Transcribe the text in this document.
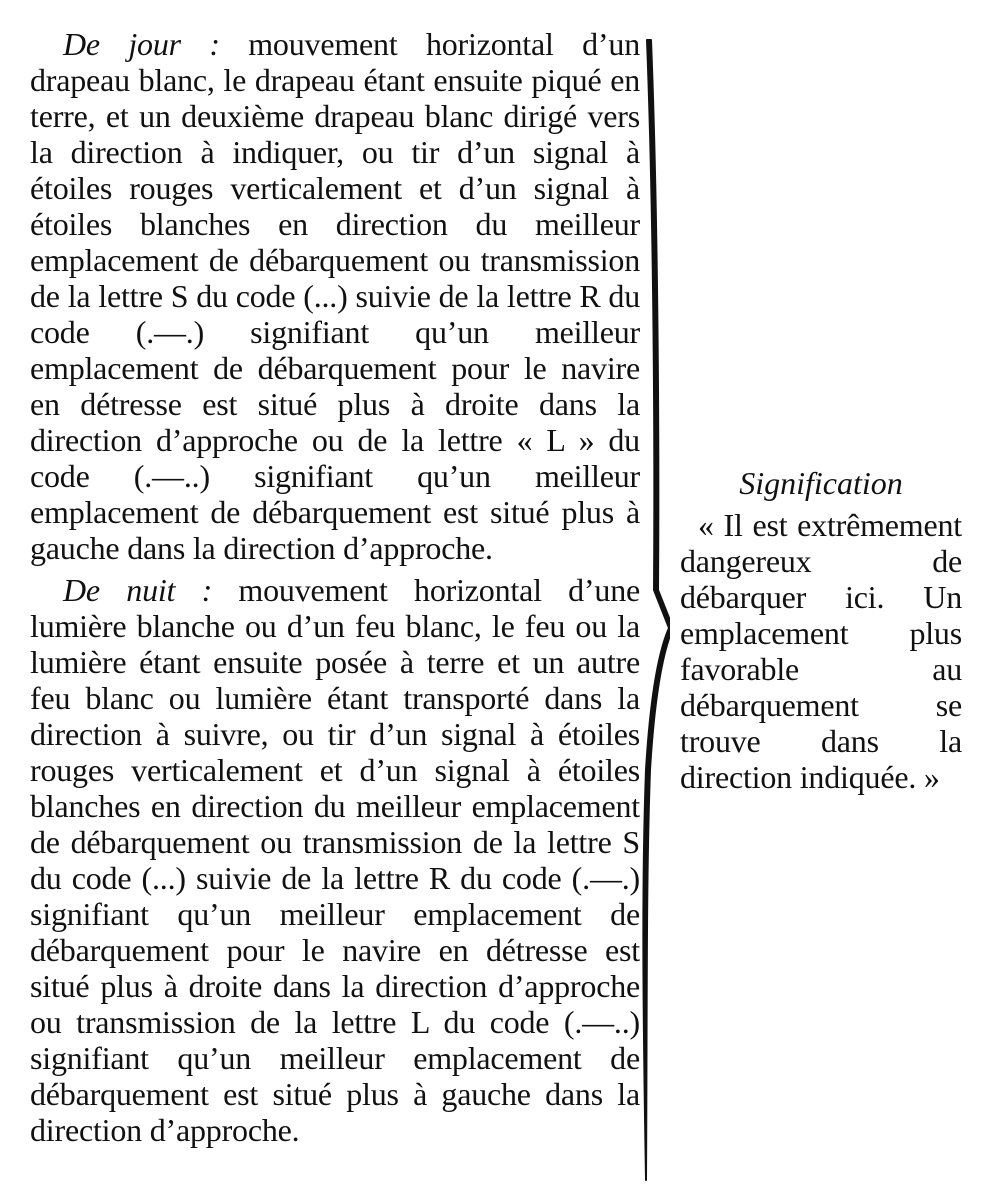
De jour : mouvement horizontal d’un drapeau blanc, le drapeau étant ensuite piqué en terre, et un deuxième drapeau blanc dirigé vers la direction à indiquer, ou tir d’un signal à étoiles rouges verticalement et d’un signal à étoiles blanches en direction du meilleur emplacement de débarquement ou transmission de la lettre S du code (...) suivie de la lettre R du code (.—.) signifiant qu’un meilleur emplacement de débarquement pour le navire en détresse est situé plus à droite dans la direction d’approche ou de la lettre « L » du code (.—..) signifiant qu’un meilleur emplacement de débarquement est situé plus à gauche dans la direction d’approche.

De nuit : mouvement horizontal d’une lumière blanche ou d’un feu blanc, le feu ou la lumière étant ensuite posée à terre et un autre feu blanc ou lumière étant transporté dans la direction à suivre, ou tir d’un signal à étoiles rouges verticalement et d’un signal à étoiles blanches en direction du meilleur emplacement de débarquement ou transmission de la lettre S du code (...) suivie de la lettre R du code (.—.) signifiant qu’un meilleur emplacement de débarquement pour le navire en détresse est situé plus à droite dans la direction d’approche ou transmission de la lettre L du code (.—..) signifiant qu’un meilleur emplacement de débarquement est situé plus à gauche dans la direction d’approche.

Signification

« Il est extrêmement dangereux de débarquer ici. Un emplacement plus favorable au débarquement se trouve dans la direction indiquée. »
